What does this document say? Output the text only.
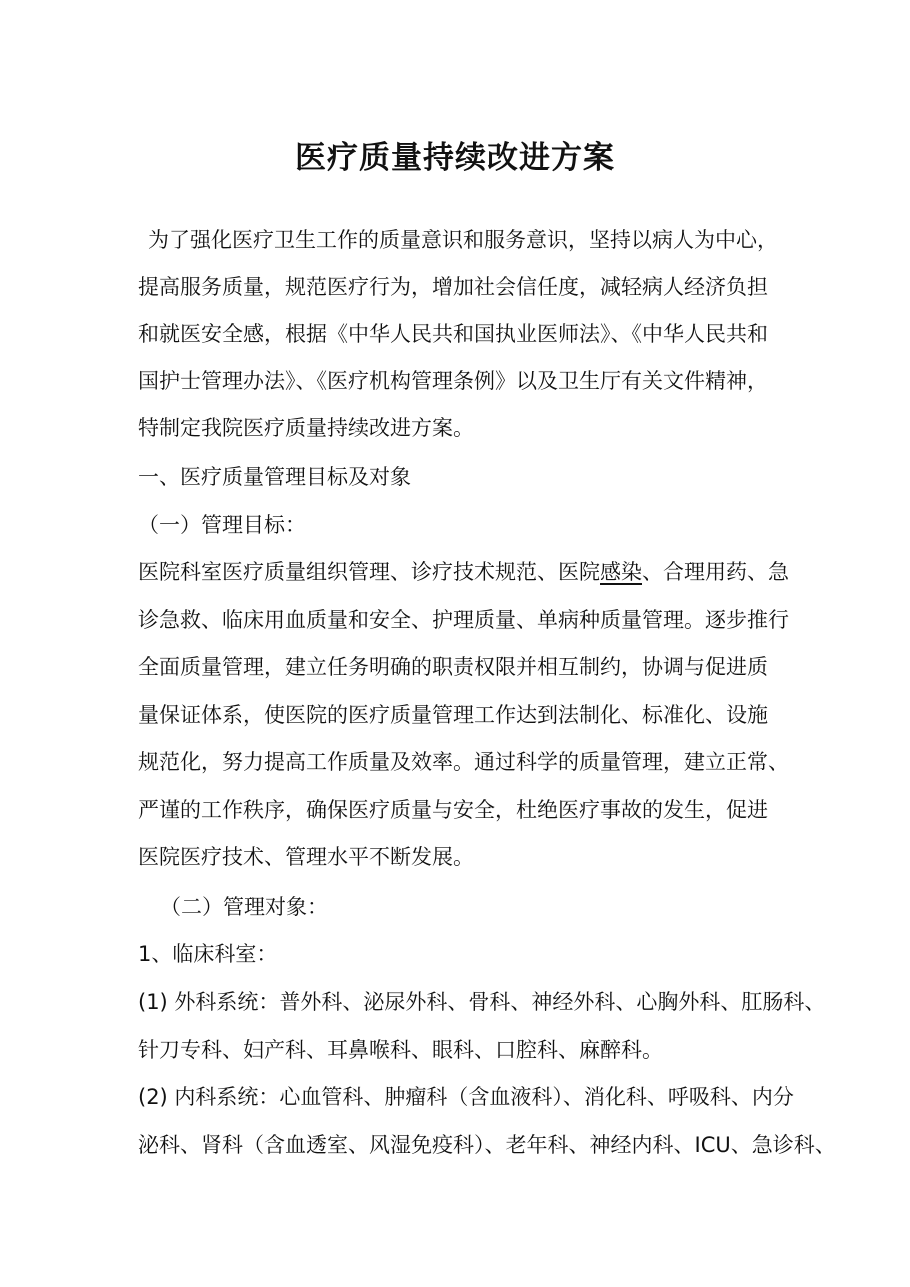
医疗质量持续改进方案
为了强化医疗卫生工作的质量意识和服务意识，坚持以病人为中心，
提高服务质量，规范医疗行为，增加社会信任度，减轻病人经济负担
和就医安全感，根据《中华人民共和国执业医师法》、《中华人民共和
国护士管理办法》、《医疗机构管理条例》以及卫生厅有关文件精神，
特制定我院医疗质量持续改进方案。
一、医疗质量管理目标及对象
（一）管理目标：
医院科室医疗质量组织管理、诊疗技术规范、医院感染、合理用药、急
诊急救、临床用血质量和安全、护理质量、单病种质量管理。逐步推行
全面质量管理，建立任务明确的职责权限并相互制约，协调与促进质
量保证体系，使医院的医疗质量管理工作达到法制化、标准化、设施
规范化，努力提高工作质量及效率。通过科学的质量管理，建立正常、
严谨的工作秩序，确保医疗质量与安全，杜绝医疗事故的发生，促进
医院医疗技术、管理水平不断发展。
（二）管理对象：
1、临床科室：
(1) 外科系统：普外科、泌尿外科、骨科、神经外科、心胸外科、肛肠科、
针刀专科、妇产科、耳鼻喉科、眼科、口腔科、麻醉科。
(2) 内科系统：心血管科、肿瘤科（含血液科）、消化科、呼吸科、内分
泌科、肾科（含血透室、风湿免疫科）、老年科、神经内科、ICU、急诊科、
